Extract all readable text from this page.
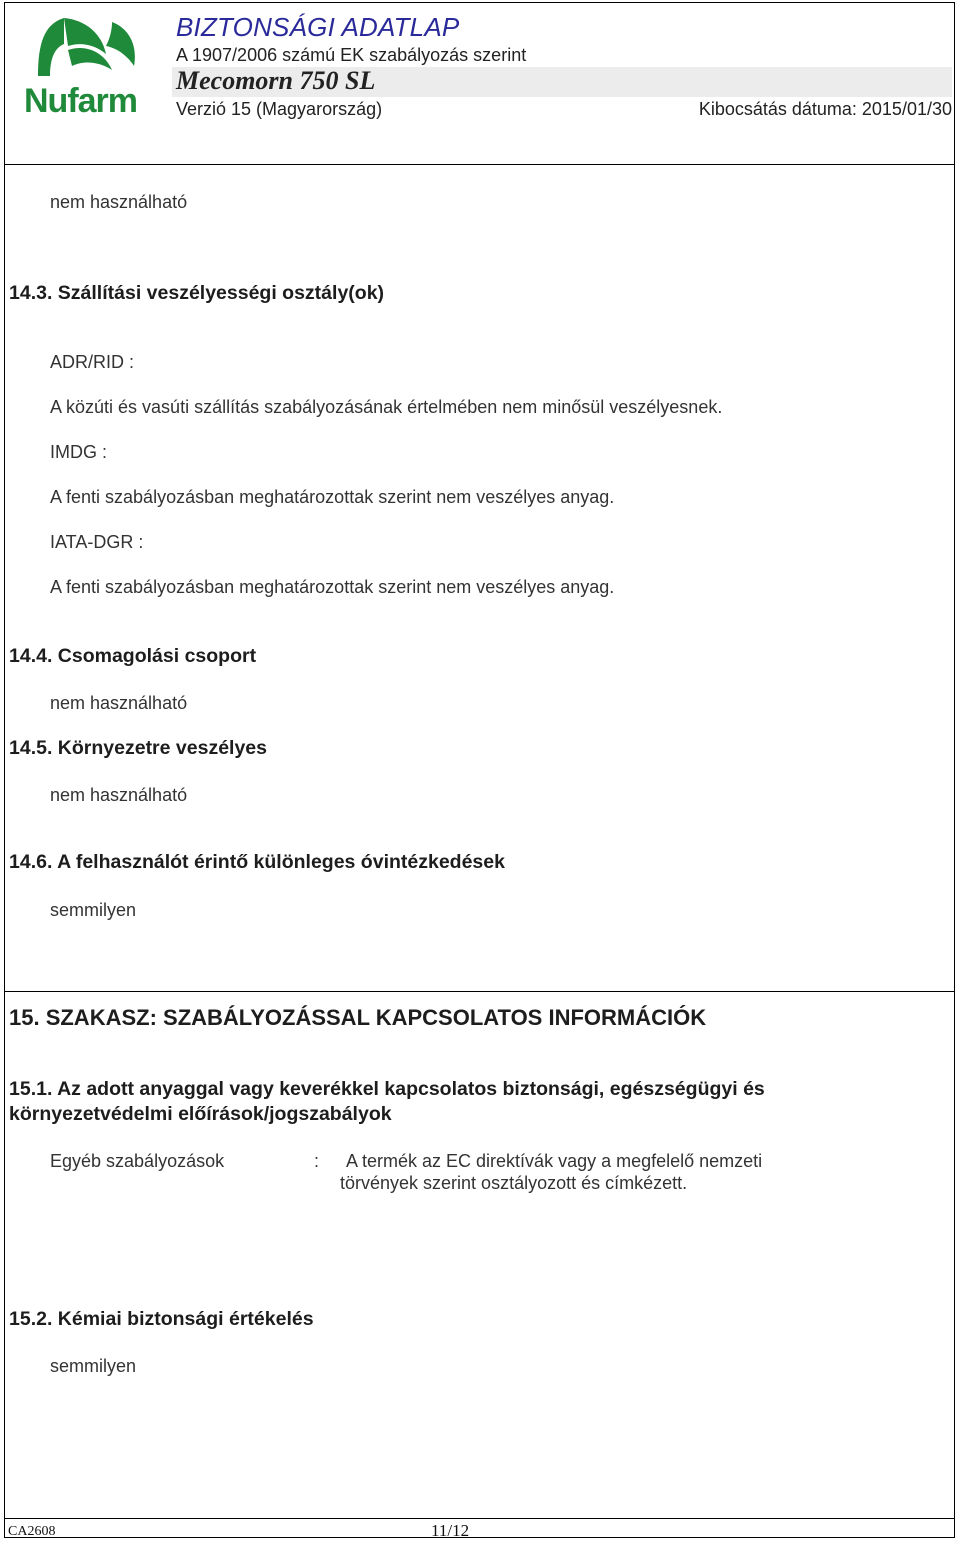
Nufarm
BIZTONSÁGI ADATLAP
A 1907/2006 számú EK szabályozás szerint
Mecomorn 750 SL
Verzió 15 (Magyarország)	Kibocsátás dátuma: 2015/01/30
nem használható
14.3. Szállítási veszélyességi osztály(ok)
ADR/RID :
A közúti és vasúti szállítás szabályozásának értelmében nem minősül veszélyesnek.
IMDG :
A fenti szabályozásban meghatározottak szerint nem veszélyes anyag.
IATA-DGR :
A fenti szabályozásban meghatározottak szerint nem veszélyes anyag.
14.4. Csomagolási csoport
nem használható
14.5. Környezetre veszélyes
nem használható
14.6. A felhasználót érintő különleges óvintézkedések
semmilyen
15. SZAKASZ: SZABÁLYOZÁSSAL KAPCSOLATOS INFORMÁCIÓK
15.1. Az adott anyaggal vagy keverékkel kapcsolatos biztonsági, egészségügyi és
környezetvédelmi előírások/jogszabályok
Egyéb szabályozások	: A termék az EC direktívák vagy a megfelelő nemzeti
törvények szerint osztályozott és címkézett.
15.2. Kémiai biztonsági értékelés
semmilyen
CA2608	11/12
